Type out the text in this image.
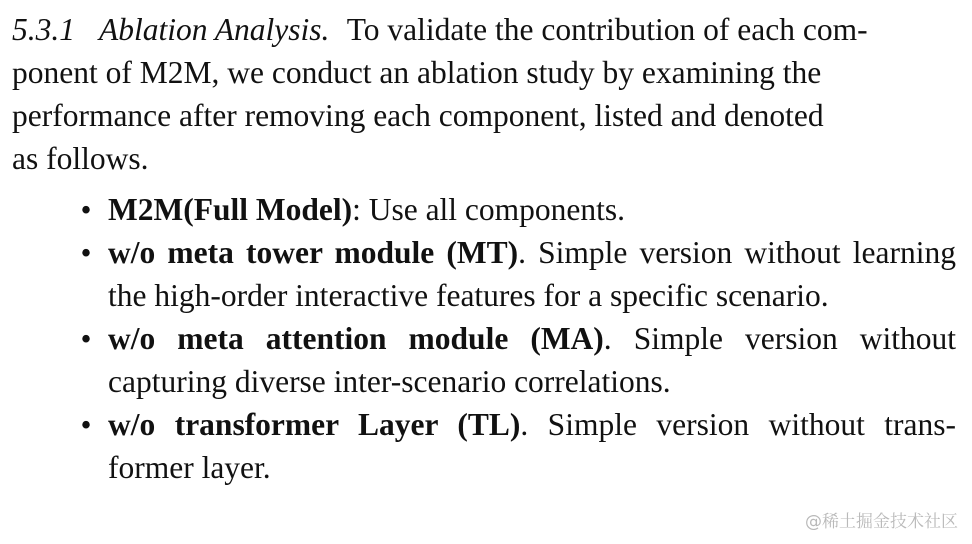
5.3.1 Ablation Analysis. To validate the contribution of each com-
ponent of M2M, we conduct an ablation study by examining the
performance after removing each component, listed and denoted
as follows.

• M2M(Full Model): Use all components.
• w/o meta tower module (MT). Simple version without learning the high-order interactive features for a specific scenario.
• w/o meta attention module (MA). Simple version without capturing diverse inter-scenario correlations.
• w/o transformer Layer (TL). Simple version without trans-former layer.
@稀土掘金技术社区
